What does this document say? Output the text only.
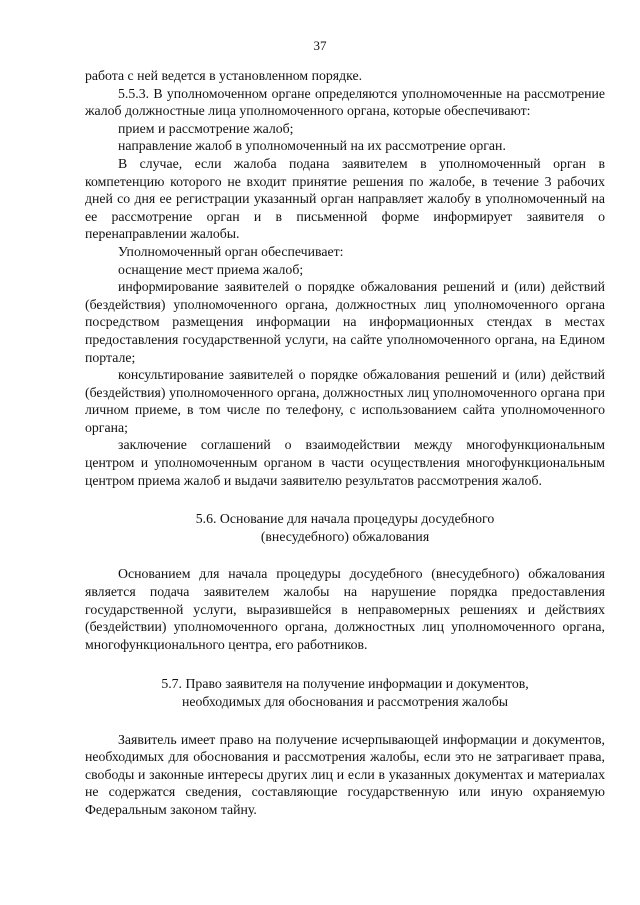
37

работа с ней ведется в установленном порядке.

5.5.3. В уполномоченном органе определяются уполномоченные на рассмотрение жалоб должностные лица уполномоченного органа, которые обеспечивают:

прием и рассмотрение жалоб;

направление жалоб в уполномоченный на их рассмотрение орган.

В случае, если жалоба подана заявителем в уполномоченный орган в компетенцию которого не входит принятие решения по жалобе, в течение 3 рабочих дней со дня ее регистрации указанный орган направляет жалобу в уполномоченный на ее рассмотрение орган и в письменной форме информирует заявителя о перенаправлении жалобы.

Уполномоченный орган обеспечивает:

оснащение мест приема жалоб;

информирование заявителей о порядке обжалования решений и (или) действий (бездействия) уполномоченного органа, должностных лиц уполномоченного органа посредством размещения информации на информационных стендах в местах предоставления государственной услуги, на сайте уполномоченного органа, на Едином портале;

консультирование заявителей о порядке обжалования решений и (или) действий (бездействия) уполномоченного органа, должностных лиц уполномоченного органа при личном приеме, в том числе по телефону, с использованием сайта уполномоченного органа;

заключение соглашений о взаимодействии между многофункциональным центром и уполномоченным органом в части осуществления многофункциональным центром приема жалоб и выдачи заявителю результатов рассмотрения жалоб.

5.6. Основание для начала процедуры досудебного

(внесудебного) обжалования

Основанием для начала процедуры досудебного (внесудебного) обжалования является подача заявителем жалобы на нарушение порядка предоставления государственной услуги, выразившейся в неправомерных решениях и действиях (бездействии) уполномоченного органа, должностных лиц уполномоченного органа, многофункционального центра, его работников.

5.7. Право заявителя на получение информации и документов,

необходимых для обоснования и рассмотрения жалобы

Заявитель имеет право на получение исчерпывающей информации и документов, необходимых для обоснования и рассмотрения жалобы, если это не затрагивает права, свободы и законные интересы других лиц и если в указанных документах и материалах не содержатся сведения, составляющие государственную или иную охраняемую Федеральным законом тайну.
